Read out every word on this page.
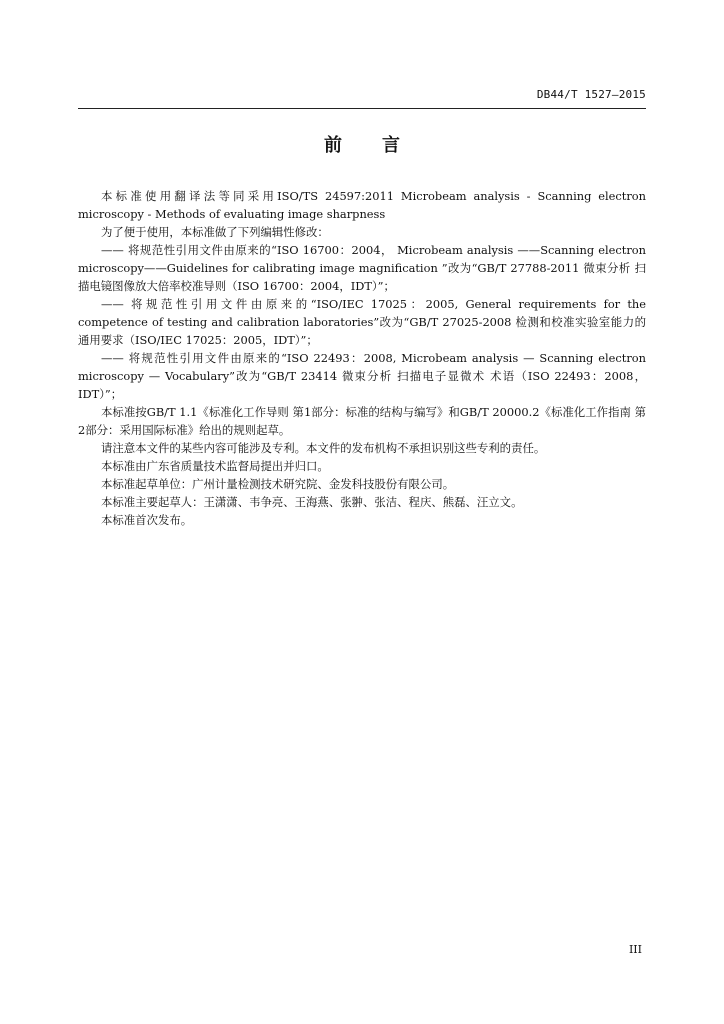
DB44/T 1527—2015
前言

本标准使用翻译法等同采用ISO/TS 24597:2011 Microbeam analysis - Scanning electron microscopy - Methods of evaluating image sharpness

为了便于使用，本标准做了下列编辑性修改：

—— 将规范性引用文件由原来的“ISO 16700：2004， Microbeam analysis ——Scanning electron microscopy——Guidelines for calibrating image magnification ”改为“GB/T 27788-2011 微束分析 扫描电镜图像放大倍率校准导则（ISO 16700：2004，IDT）”；

—— 将规范性引用文件由原来的“ISO/IEC 17025：2005, General requirements for the competence of testing and calibration laboratories”改为“GB/T 27025-2008 检测和校准实验室能力的通用要求（ISO/IEC 17025：2005，IDT）”；

—— 将规范性引用文件由原来的“ISO 22493：2008, Microbeam analysis — Scanning electron microscopy — Vocabulary”改为“GB/T 23414 微束分析 扫描电子显微术 术语（ISO 22493：2008，IDT）”；

本标准按GB/T 1.1《标准化工作导则 第1部分：标准的结构与编写》和GB/T 20000.2《标准化工作指南 第2部分：采用国际标准》给出的规则起草。

请注意本文件的某些内容可能涉及专利。本文件的发布机构不承担识别这些专利的责任。

本标准由广东省质量技术监督局提出并归口。

本标准起草单位：广州计量检测技术研究院、金发科技股份有限公司。

本标准主要起草人：王潇潇、韦争亮、王海燕、张翀、张洁、程庆、熊磊、汪立文。

本标准首次发布。

III
